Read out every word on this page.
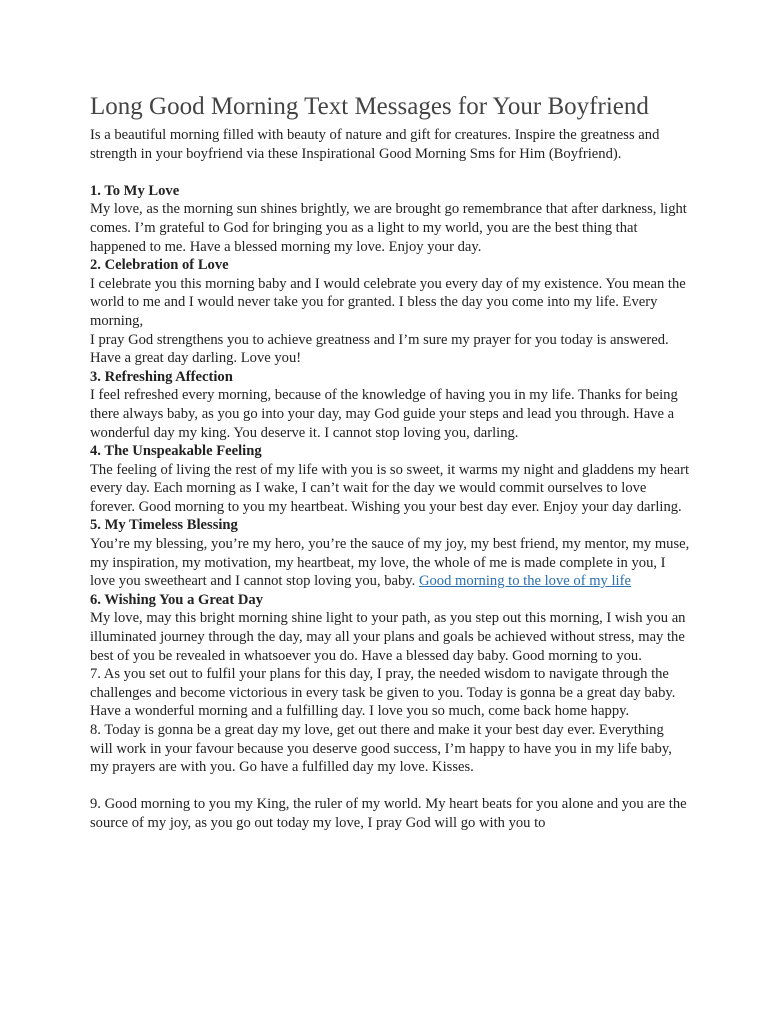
Long Good Morning Text Messages for Your Boyfriend

Is a beautiful morning filled with beauty of nature and gift for creatures. Inspire the greatness and strength in your boyfriend via these Inspirational Good Morning Sms for Him (Boyfriend).

1. To My Love

My love, as the morning sun shines brightly, we are brought go remembrance that after darkness, light comes. I’m grateful to God for bringing you as a light to my world, you are the best thing that happened to me. Have a blessed morning my love. Enjoy your day.

2. Celebration of Love

I celebrate you this morning baby and I would celebrate you every day of my existence. You mean the world to me and I would never take you for granted. I bless the day you come into my life. Every morning,

I pray God strengthens you to achieve greatness and I’m sure my prayer for you today is answered. Have a great day darling. Love you!

3. Refreshing Affection

I feel refreshed every morning, because of the knowledge of having you in my life. Thanks for being there always baby, as you go into your day, may God guide your steps and lead you through. Have a wonderful day my king. You deserve it. I cannot stop loving you, darling.

4. The Unspeakable Feeling

The feeling of living the rest of my life with you is so sweet, it warms my night and gladdens my heart every day. Each morning as I wake, I can’t wait for the day we would commit ourselves to love forever. Good morning to you my heartbeat. Wishing you your best day ever. Enjoy your day darling.

5. My Timeless Blessing

You’re my blessing, you’re my hero, you’re the sauce of my joy, my best friend, my mentor, my muse, my inspiration, my motivation, my heartbeat, my love, the whole of me is made complete in you, I love you sweetheart and I cannot stop loving you, baby. Good morning to the love of my life

6. Wishing You a Great Day

My love, may this bright morning shine light to your path, as you step out this morning, I wish you an illuminated journey through the day, may all your plans and goals be achieved without stress, may the best of you be revealed in whatsoever you do. Have a blessed day baby. Good morning to you.

7. As you set out to fulfil your plans for this day, I pray, the needed wisdom to navigate through the challenges and become victorious in every task be given to you. Today is gonna be a great day baby. Have a wonderful morning and a fulfilling day. I love you so much, come back home happy.

8. Today is gonna be a great day my love, get out there and make it your best day ever. Everything will work in your favour because you deserve good success, I’m happy to have you in my life baby, my prayers are with you. Go have a fulfilled day my love. Kisses.

9. Good morning to you my King, the ruler of my world. My heart beats for you alone and you are the source of my joy, as you go out today my love, I pray God will go with you to
